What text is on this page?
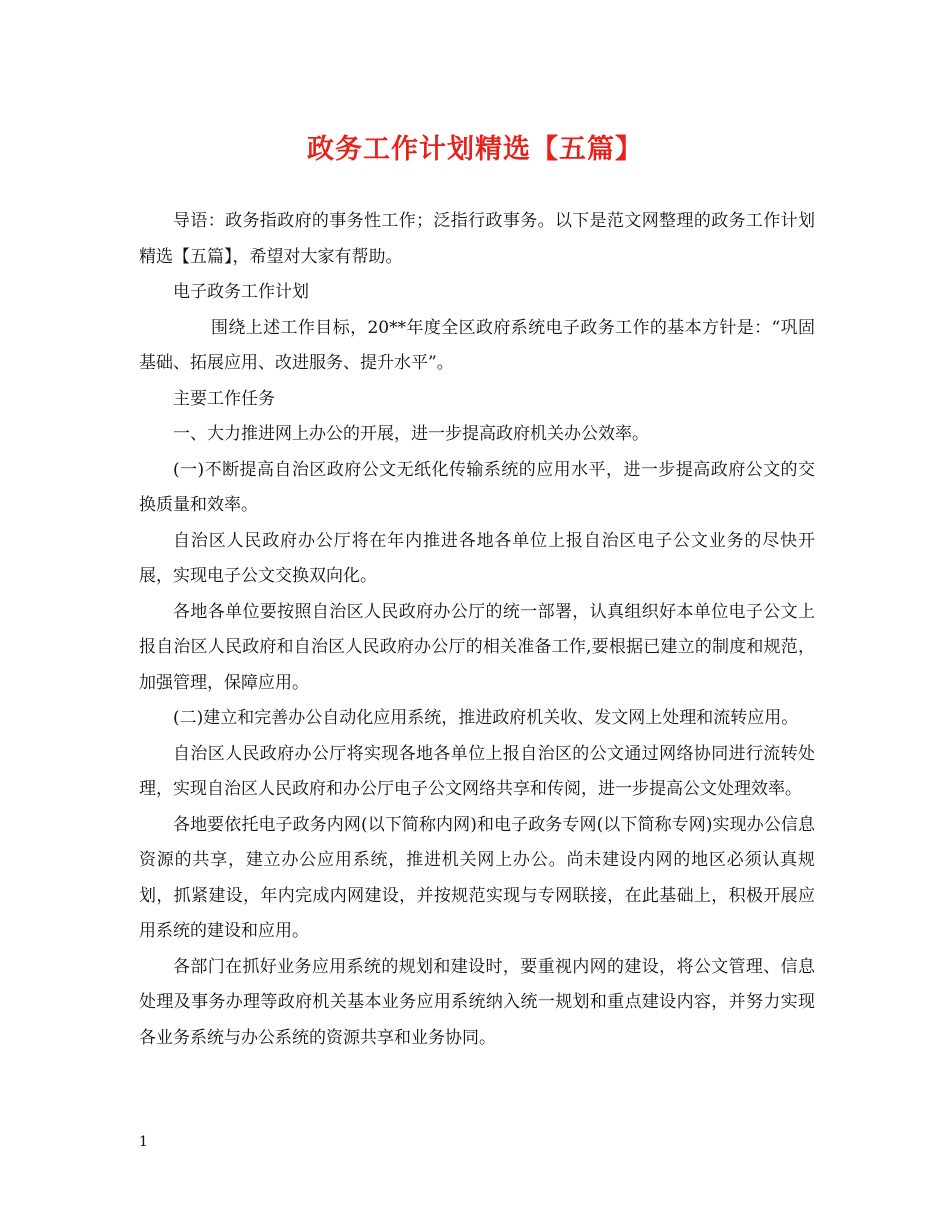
政务工作计划精选【五篇】

导语：政务指政府的事务性工作；泛指行政事务。以下是范文网整理的政务工作计划精选【五篇】，希望对大家有帮助。

电子政务工作计划

围绕上述工作目标，20**年度全区政府系统电子政务工作的基本方针是：“巩固基础、拓展应用、改进服务、提升水平”。

主要工作任务

一、大力推进网上办公的开展，进一步提高政府机关办公效率。

(一)不断提高自治区政府公文无纸化传输系统的应用水平，进一步提高政府公文的交换质量和效率。

自治区人民政府办公厅将在年内推进各地各单位上报自治区电子公文业务的尽快开展，实现电子公文交换双向化。

各地各单位要按照自治区人民政府办公厅的统一部署，认真组织好本单位电子公文上报自治区人民政府和自治区人民政府办公厅的相关准备工作,要根据已建立的制度和规范，加强管理，保障应用。

(二)建立和完善办公自动化应用系统，推进政府机关收、发文网上处理和流转应用。

自治区人民政府办公厅将实现各地各单位上报自治区的公文通过网络协同进行流转处理，实现自治区人民政府和办公厅电子公文网络共享和传阅，进一步提高公文处理效率。

各地要依托电子政务内网(以下简称内网)和电子政务专网(以下简称专网)实现办公信息资源的共享，建立办公应用系统，推进机关网上办公。尚未建设内网的地区必须认真规划，抓紧建设，年内完成内网建设，并按规范实现与专网联接，在此基础上，积极开展应用系统的建设和应用。

各部门在抓好业务应用系统的规划和建设时，要重视内网的建设，将公文管理、信息处理及事务办理等政府机关基本业务应用系统纳入统一规划和重点建设内容，并努力实现各业务系统与办公系统的资源共享和业务协同。

1
